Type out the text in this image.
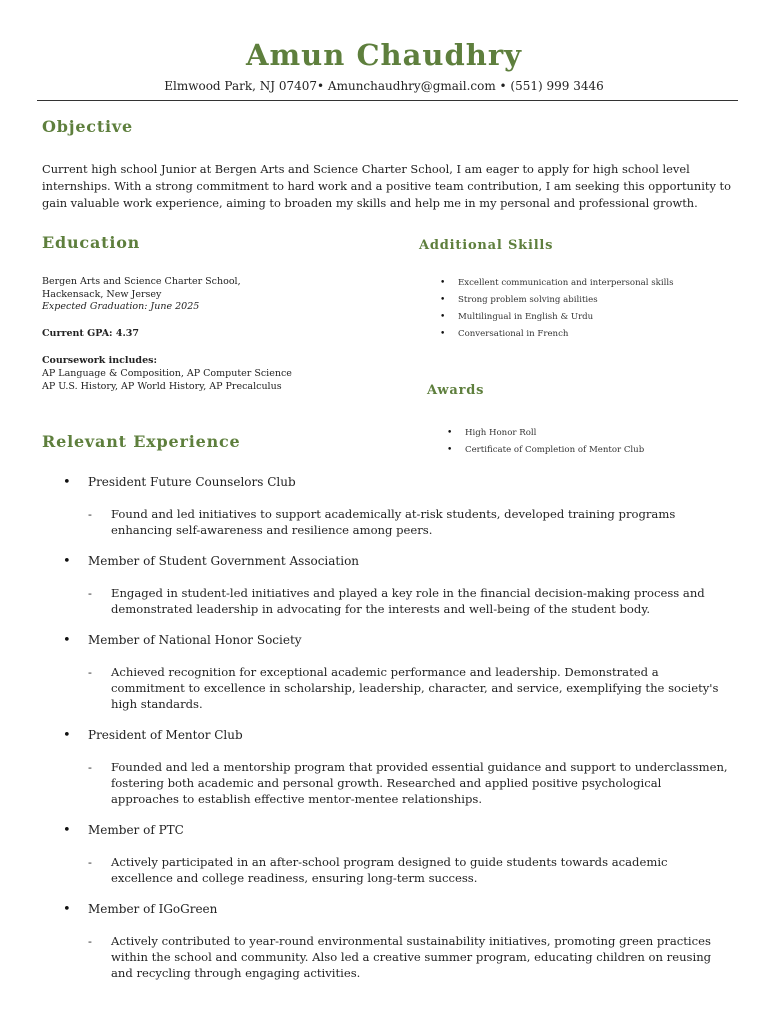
Amun Chaudhry
Elmwood Park, NJ 07407• Amunchaudhry@gmail.com • (551) 999 3446
Objective
Current high school Junior at Bergen Arts and Science Charter School, I am eager to apply for high school level internships. With a strong commitment to hard work and a positive team contribution, I am seeking this opportunity to gain valuable work experience, aiming to broaden my skills and help me in my personal and professional growth.
Education
Bergen Arts and Science Charter School,
Hackensack, New Jersey
Expected Graduation: June 2025
Current GPA: 4.37
Coursework includes:
AP Language & Composition, AP Computer Science
AP U.S. History, AP World History, AP Precalculus
Additional Skills
• Excellent communication and interpersonal skills
• Strong problem solving abilities
• Multilingual in English & Urdu
• Conversational in French
Awards
• High Honor Roll
• Certificate of Completion of Mentor Club
Relevant Experience
• President Future Counselors Club
- Found and led initiatives to support academically at-risk students, developed training programs enhancing self-awareness and resilience among peers.
• Member of Student Government Association
- Engaged in student-led initiatives and played a key role in the financial decision-making process and demonstrated leadership in advocating for the interests and well-being of the student body.
• Member of National Honor Society
- Achieved recognition for exceptional academic performance and leadership. Demonstrated a commitment to excellence in scholarship, leadership, character, and service, exemplifying the society's high standards.
• President of Mentor Club
- Founded and led a mentorship program that provided essential guidance and support to underclassmen, fostering both academic and personal growth. Researched and applied positive psychological approaches to establish effective mentor-mentee relationships.
• Member of PTC
- Actively participated in an after-school program designed to guide students towards academic excellence and college readiness, ensuring long-term success.
• Member of IGoGreen
- Actively contributed to year-round environmental sustainability initiatives, promoting green practices within the school and community. Also led a creative summer program, educating children on reusing and recycling through engaging activities.
